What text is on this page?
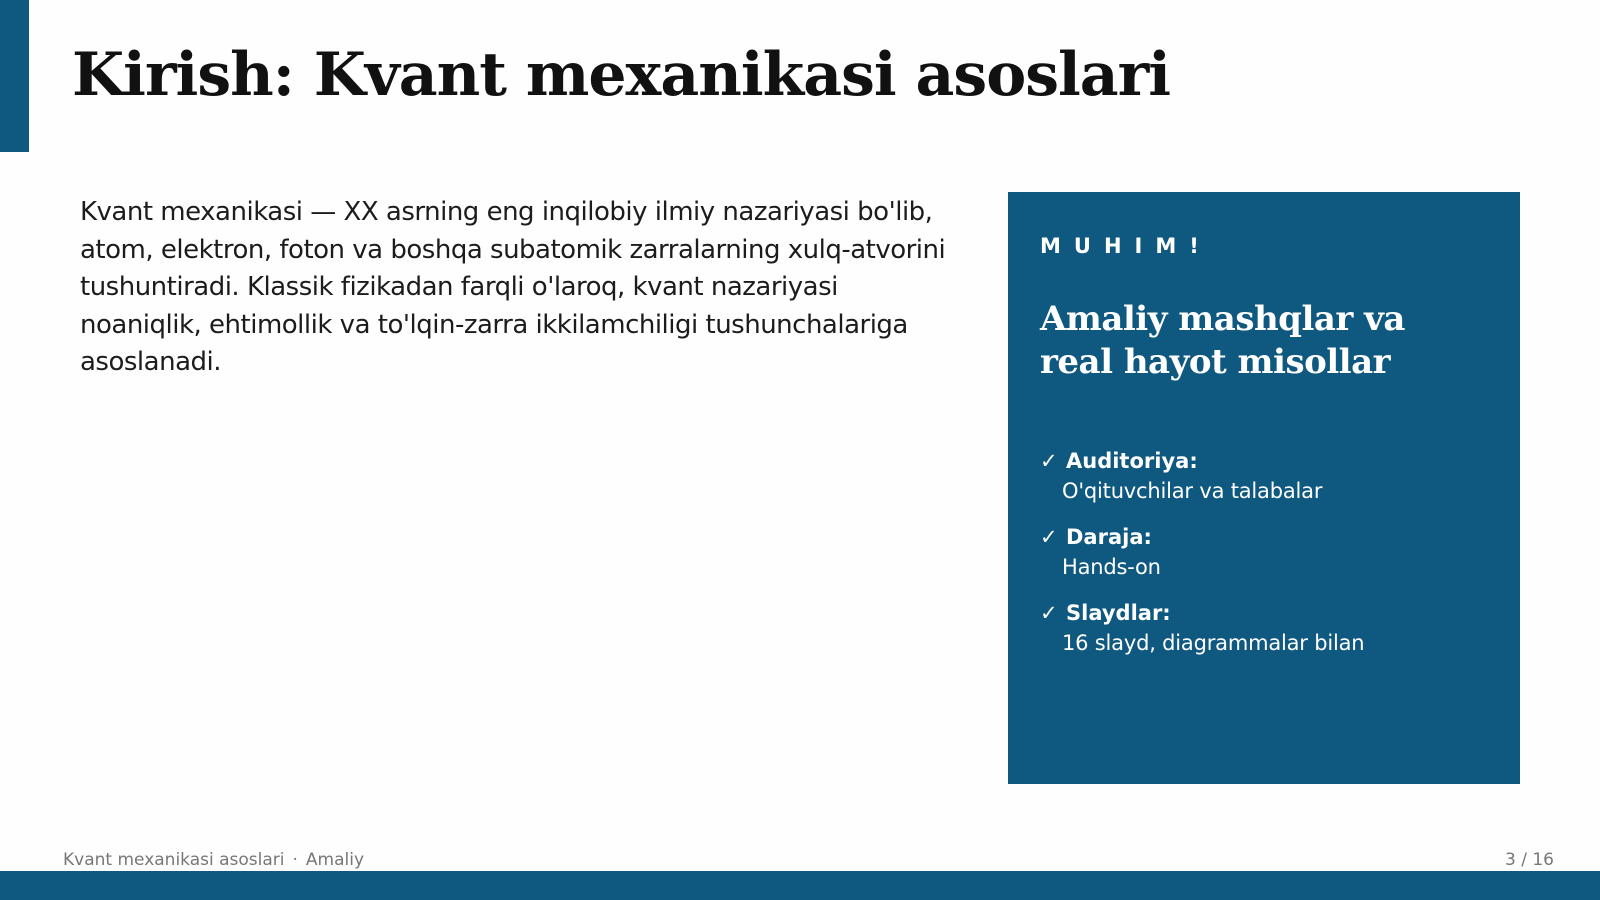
Kirish: Kvant mexanikasi asoslari

Kvant mexanikasi — XX asrning eng inqilobiy ilmiy nazariyasi bo'lib, atom, elektron, foton va boshqa subatomik zarralarning xulq-atvorini tushuntiradi. Klassik fizikadan farqli o'laroq, kvant nazariyasi noaniqlik, ehtimollik va to'lqin-zarra ikkilamchiligi tushunchalariga asoslanadi.

MUHIM!

Amaliy mashqlar va real hayot misollar
✓ Auditoriya:
O'qituvchilar va talabalar
✓ Daraja:
Hands-on
✓ Slaydlar:
16 slayd, diagrammalar bilan
Kvant mexanikasi asoslari · Amaliy	3 / 16
